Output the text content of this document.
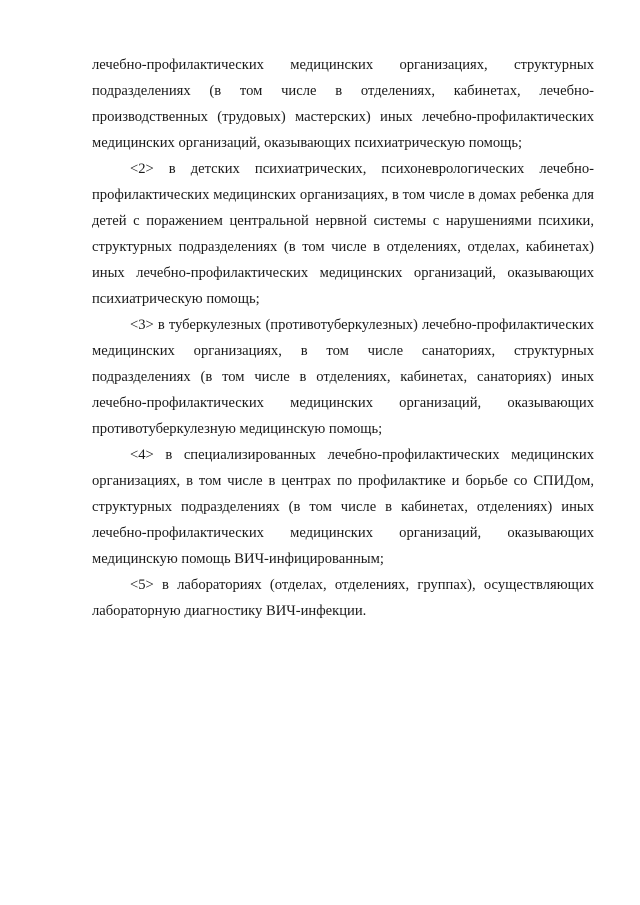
лечебно-профилактических медицинских организациях, структурных подразделениях (в том числе в отделениях, кабинетах, лечебно-производственных (трудовых) мастерских) иных лечебно-профилактических медицинских организаций, оказывающих психиатрическую помощь;

<2> в детских психиатрических, психоневрологических лечебно-профилактических медицинских организациях, в том числе в домах ребенка для детей с поражением центральной нервной системы с нарушениями психики, структурных подразделениях (в том числе в отделениях, отделах, кабинетах) иных лечебно-профилактических медицинских организаций, оказывающих психиатрическую помощь;

<3> в туберкулезных (противотуберкулезных) лечебно-профилактических медицинских организациях, в том числе санаториях, структурных подразделениях (в том числе в отделениях, кабинетах, санаториях) иных лечебно-профилактических медицинских организаций, оказывающих противотуберкулезную медицинскую помощь;

<4> в специализированных лечебно-профилактических медицинских организациях, в том числе в центрах по профилактике и борьбе со СПИДом, структурных подразделениях (в том числе в кабинетах, отделениях) иных лечебно-профилактических медицинских организаций, оказывающих медицинскую помощь ВИЧ-инфицированным;

<5> в лабораториях (отделах, отделениях, группах), осуществляющих лабораторную диагностику ВИЧ-инфекции.
